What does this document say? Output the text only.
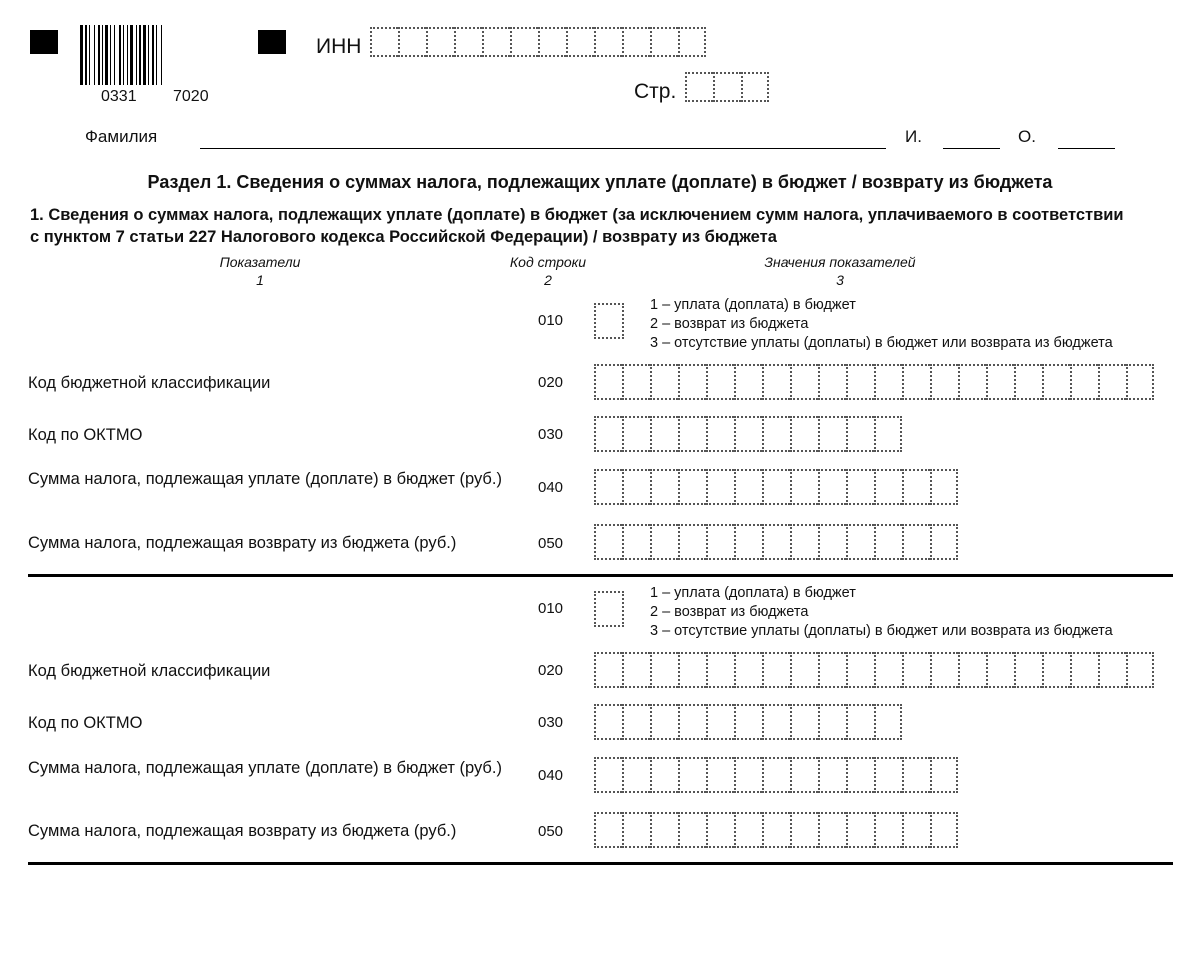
0331 7020
ИНН
Стр.
Фамилия	И.	О.
Раздел 1. Сведения о суммах налога, подлежащих уплате (доплате) в бюджет / возврату из бюджета
1. Сведения о суммах налога, подлежащих уплате (доплате) в бюджет (за исключением сумм налога, уплачиваемого в соответствии с пунктом 7 статьи 227 Налогового кодекса Российской Федерации) / возврату из бюджета
Показатели
1
Код строки
2
Значения показателей
3
010
1 – уплата (доплата) в бюджет
2 – возврат из бюджета
3 – отсутствие уплаты (доплаты) в бюджет или возврата из бюджета
Код бюджетной классификации	020
Код по ОКТМО	030
Сумма налога, подлежащая уплате (доплате) в бюджет (руб.)	040
Сумма налога, подлежащая возврату из бюджета (руб.)	050
010
1 – уплата (доплата) в бюджет
2 – возврат из бюджета
3 – отсутствие уплаты (доплаты) в бюджет или возврата из бюджета
Код бюджетной классификации	020
Код по ОКТМО	030
Сумма налога, подлежащая уплате (доплате) в бюджет (руб.)	040
Сумма налога, подлежащая возврату из бюджета (руб.)	050
